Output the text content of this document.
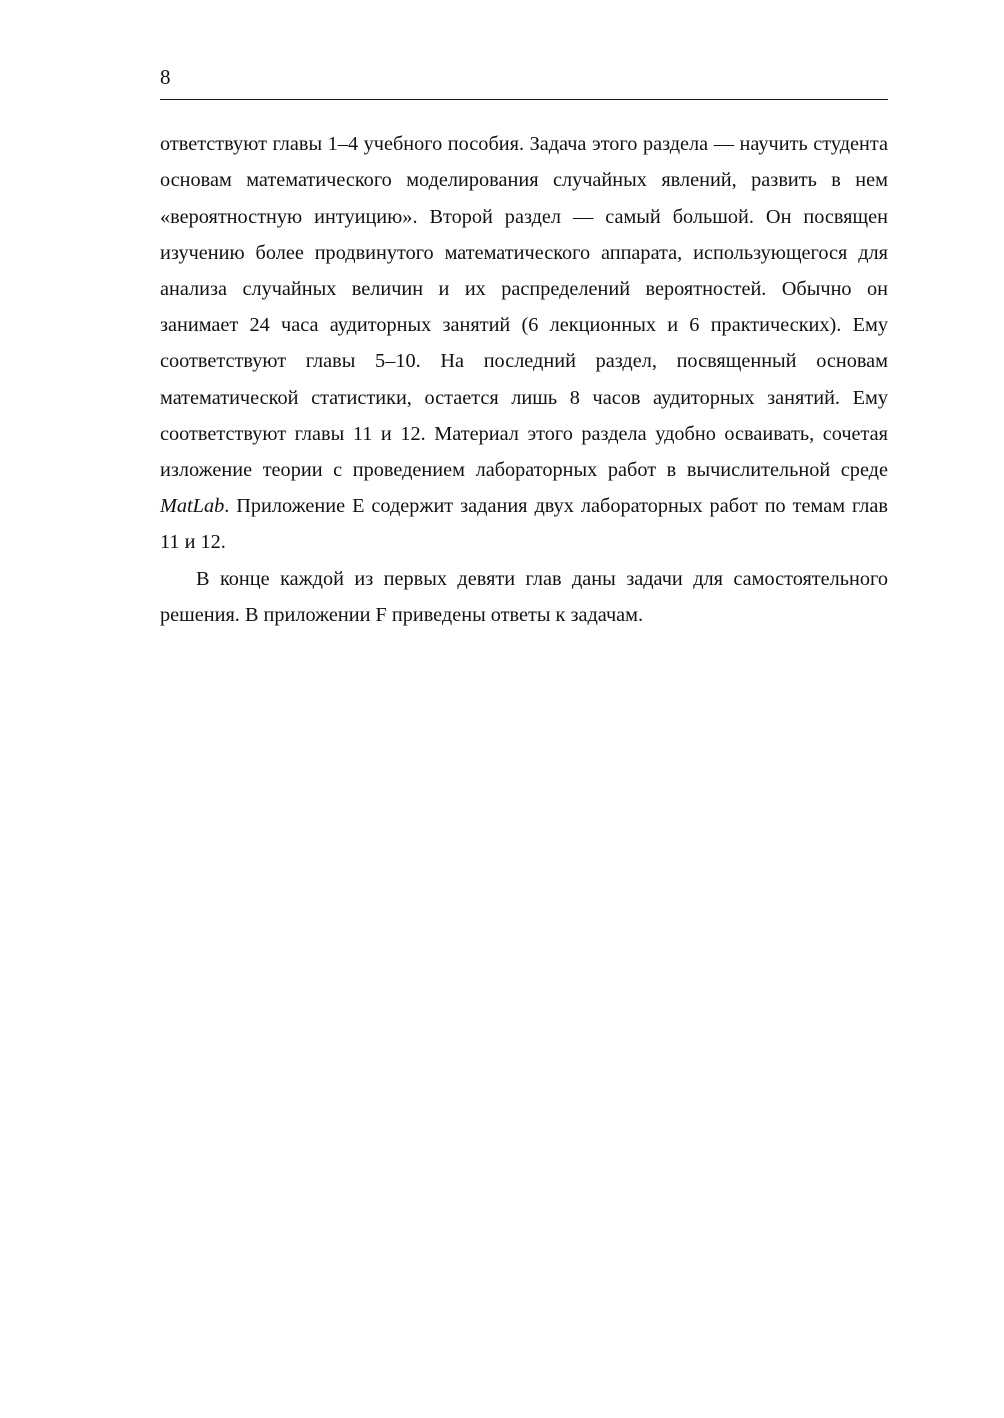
8

ответствуют главы 1–4 учебного пособия. Задача этого раздела — научить студента основам математического моделирования случайных явлений, развить в нем «вероятностную интуицию». Второй раздел — самый большой. Он посвящен изучению более продвинутого математического аппарата, использующегося для анализа случайных величин и их распределений вероятностей. Обычно он занимает 24 часа аудиторных занятий (6 лекционных и 6 практических). Ему соответствуют главы 5–10. На последний раздел, посвященный основам математической статистики, остается лишь 8 часов аудиторных занятий. Ему соответствуют главы 11 и 12. Материал этого раздела удобно осваивать, сочетая изложение теории с проведением лабораторных работ в вычислительной среде MatLab. Приложение E содержит задания двух лабораторных работ по темам глав 11 и 12.

В конце каждой из первых девяти глав даны задачи для самостоятельного решения. В приложении F приведены ответы к задачам.
